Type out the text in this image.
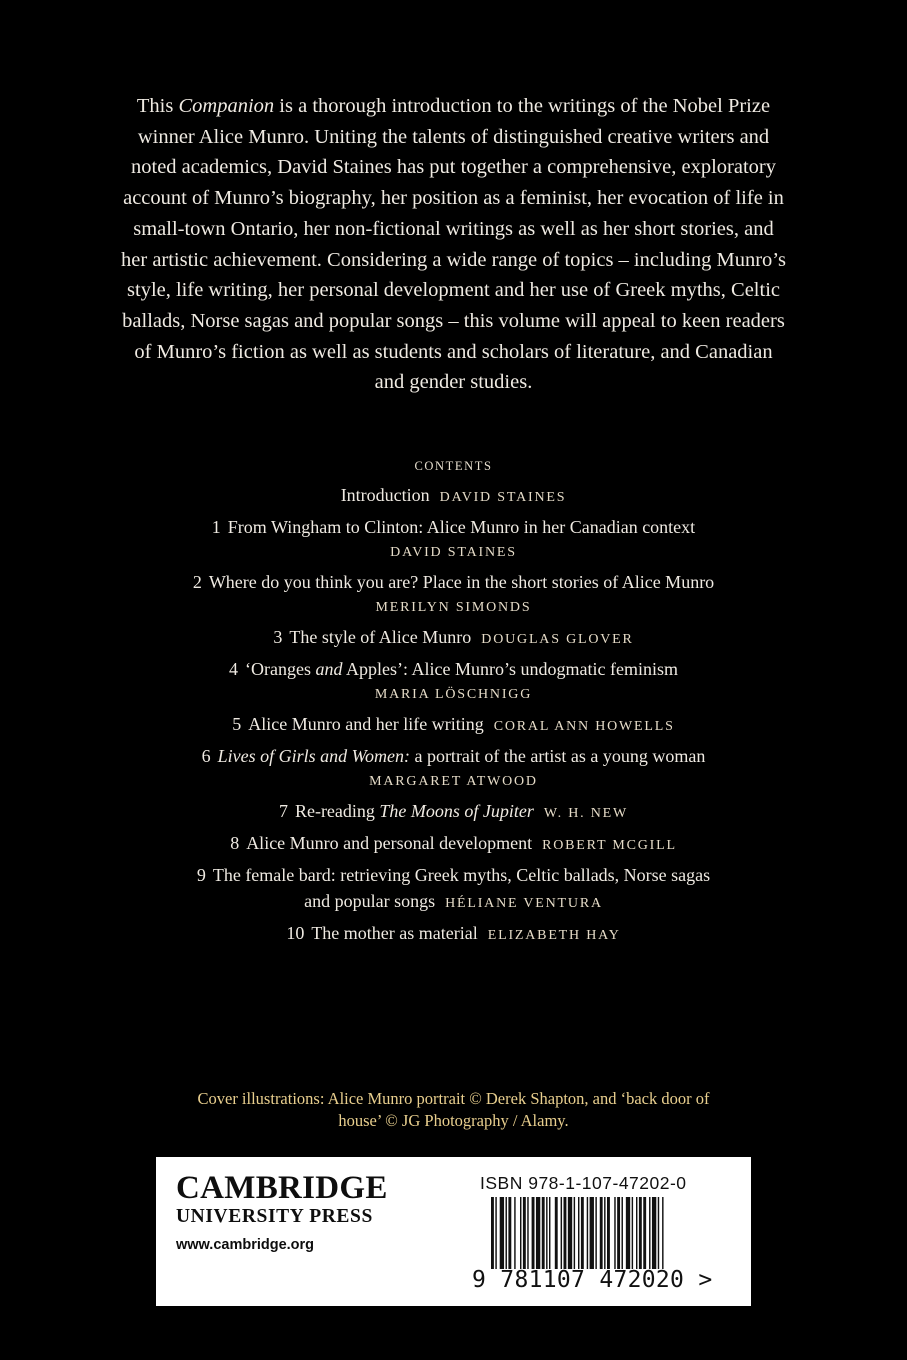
This Companion is a thorough introduction to the writings of the Nobel Prize winner Alice Munro. Uniting the talents of distinguished creative writers and noted academics, David Staines has put together a comprehensive, exploratory account of Munro’s biography, her position as a feminist, her evocation of life in small-town Ontario, her non-fictional writings as well as her short stories, and her artistic achievement. Considering a wide range of topics – including Munro’s style, life writing, her personal development and her use of Greek myths, Celtic ballads, Norse sagas and popular songs – this volume will appeal to keen readers of Munro’s fiction as well as students and scholars of literature, and Canadian and gender studies.

CONTENTS
Introduction DAVID STAINES
1 From Wingham to Clinton: Alice Munro in her Canadian context
DAVID STAINES
2 Where do you think you are? Place in the short stories of Alice Munro
MERILYN SIMONDS
3 The style of Alice Munro DOUGLAS GLOVER
4 ‘Oranges and Apples’: Alice Munro’s undogmatic feminism
MARIA LÖSCHNIGG
5 Alice Munro and her life writing CORAL ANN HOWELLS
6 Lives of Girls and Women: a portrait of the artist as a young woman
MARGARET ATWOOD
7 Re-reading The Moons of Jupiter W. H. NEW
8 Alice Munro and personal development ROBERT MCGILL
9 The female bard: retrieving Greek myths, Celtic ballads, Norse sagas
and popular songs HÉLIANE VENTURA
10 The mother as material ELIZABETH HAY
Cover illustrations: Alice Munro portrait © Derek Shapton, and ‘back door of
house’ © JG Photography / Alamy.
CAMBRIDGE
UNIVERSITY PRESS
www.cambridge.org
ISBN 978-1-107-47202-0
9 781107 472020 >
